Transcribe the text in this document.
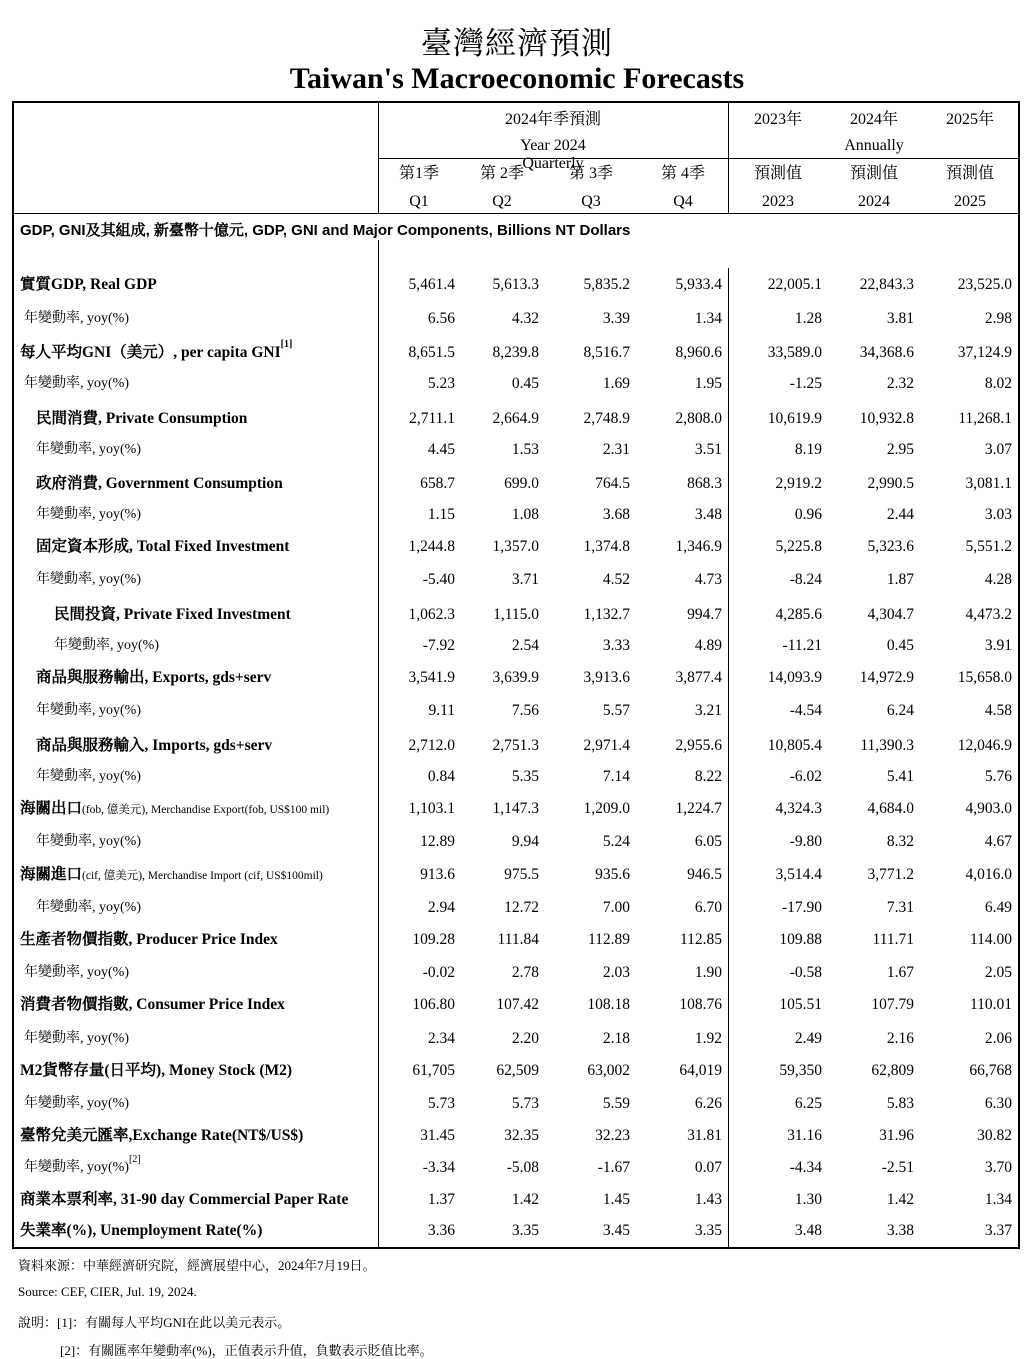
臺灣經濟預測
Taiwan's Macroeconomic Forecasts
2024年季預測
Year 2024 Quarterly
2023年	2024年	2025年
Annually
第1季	第 2季	第 3季	第 4季
Q1	Q2	Q3	Q4
預測值	預測值	預測值
2023	2024	2025
GDP, GNI及其組成, 新臺幣十億元, GDP, GNI and Major Components, Billions NT Dollars
實質GDP, Real GDP	5,461.4	5,613.3	5,835.2	5,933.4	22,005.1	22,843.3	23,525.0
年變動率, yoy(%)	6.56	4.32	3.39	1.34	1.28	3.81	2.98
每人平均GNI（美元）, per capita GNI[1]	8,651.5	8,239.8	8,516.7	8,960.6	33,589.0	34,368.6	37,124.9
年變動率, yoy(%)	5.23	0.45	1.69	1.95	-1.25	2.32	8.02
民間消費, Private Consumption	2,711.1	2,664.9	2,748.9	2,808.0	10,619.9	10,932.8	11,268.1
年變動率, yoy(%)	4.45	1.53	2.31	3.51	8.19	2.95	3.07
政府消費, Government Consumption	658.7	699.0	764.5	868.3	2,919.2	2,990.5	3,081.1
年變動率, yoy(%)	1.15	1.08	3.68	3.48	0.96	2.44	3.03
固定資本形成, Total Fixed Investment	1,244.8	1,357.0	1,374.8	1,346.9	5,225.8	5,323.6	5,551.2
年變動率, yoy(%)	-5.40	3.71	4.52	4.73	-8.24	1.87	4.28
民間投資, Private Fixed Investment	1,062.3	1,115.0	1,132.7	994.7	4,285.6	4,304.7	4,473.2
年變動率, yoy(%)	-7.92	2.54	3.33	4.89	-11.21	0.45	3.91
商品與服務輸出, Exports, gds+serv	3,541.9	3,639.9	3,913.6	3,877.4	14,093.9	14,972.9	15,658.0
年變動率, yoy(%)	9.11	7.56	5.57	3.21	-4.54	6.24	4.58
商品與服務輸入, Imports, gds+serv	2,712.0	2,751.3	2,971.4	2,955.6	10,805.4	11,390.3	12,046.9
年變動率, yoy(%)	0.84	5.35	7.14	8.22	-6.02	5.41	5.76
海關出口(fob, 億美元), Merchandise Export(fob, US$100 mil)	1,103.1	1,147.3	1,209.0	1,224.7	4,324.3	4,684.0	4,903.0
年變動率, yoy(%)	12.89	9.94	5.24	6.05	-9.80	8.32	4.67
海關進口(cif, 億美元), Merchandise Import (cif, US$100mil)	913.6	975.5	935.6	946.5	3,514.4	3,771.2	4,016.0
年變動率, yoy(%)	2.94	12.72	7.00	6.70	-17.90	7.31	6.49
生產者物價指數, Producer Price Index	109.28	111.84	112.89	112.85	109.88	111.71	114.00
年變動率, yoy(%)	-0.02	2.78	2.03	1.90	-0.58	1.67	2.05
消費者物價指數, Consumer Price Index	106.80	107.42	108.18	108.76	105.51	107.79	110.01
年變動率, yoy(%)	2.34	2.20	2.18	1.92	2.49	2.16	2.06
M2貨幣存量(日平均), Money Stock (M2)	61,705	62,509	63,002	64,019	59,350	62,809	66,768
年變動率, yoy(%)	5.73	5.73	5.59	6.26	6.25	5.83	6.30
臺幣兌美元匯率,Exchange Rate(NT$/US$)	31.45	32.35	32.23	31.81	31.16	31.96	30.82
年變動率, yoy(%)[2]	-3.34	-5.08	-1.67	0.07	-4.34	-2.51	3.70
商業本票利率, 31-90 day Commercial Paper Rate	1.37	1.42	1.45	1.43	1.30	1.42	1.34
失業率(%), Unemployment Rate(%)	3.36	3.35	3.45	3.35	3.48	3.38	3.37
資料來源：中華經濟研究院，經濟展望中心，2024年7月19日。
Source: CEF, CIER, Jul. 19, 2024.
說明：[1]：有關每人平均GNI在此以美元表示。
[2]：有關匯率年變動率(%)，正值表示升值，負數表示貶值比率。
